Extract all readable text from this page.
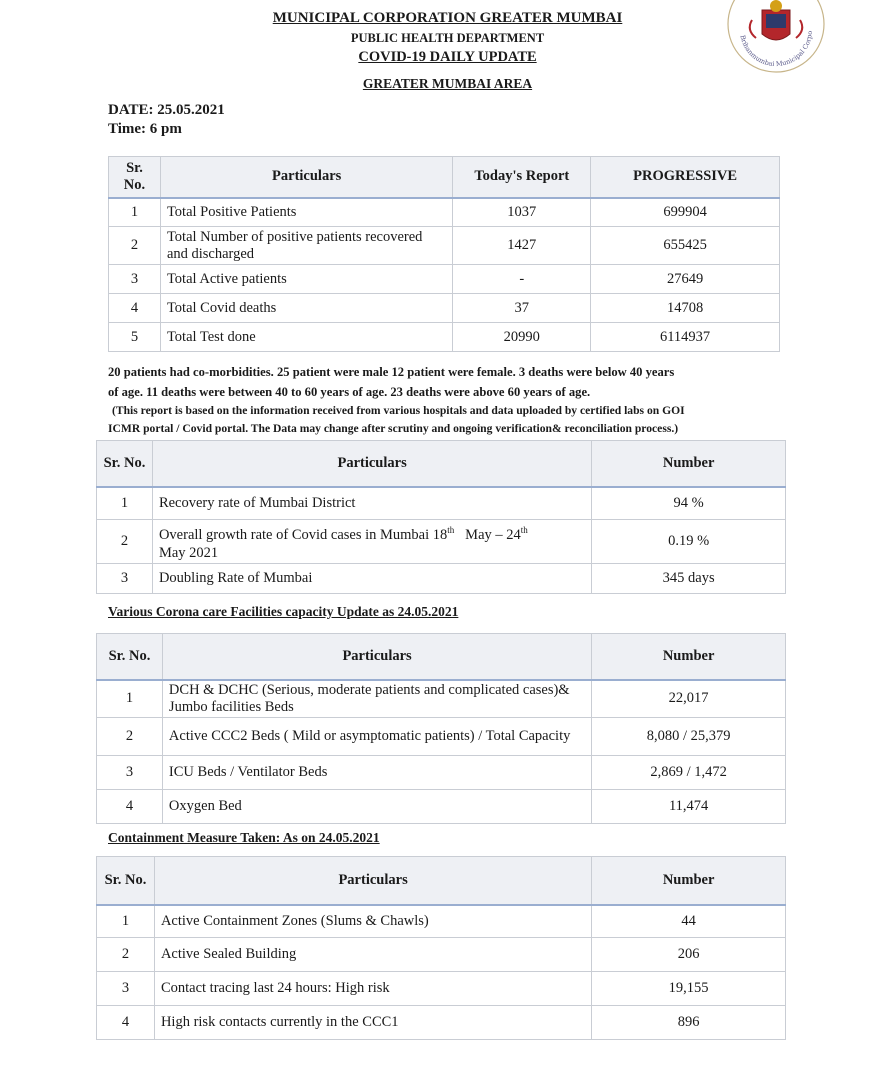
Brihanmumbai Municipal Corpo
MUNICIPAL CORPORATION GREATER MUMBAI
PUBLIC HEALTH DEPARTMENT
COVID-19 DAILY UPDATE
GREATER MUMBAI AREA
DATE: 25.05.2021
Time: 6 pm
Sr. No.	Particulars	Today's Report	PROGRESSIVE
1	Total Positive Patients	1037	699904
2	Total Number of positive patients recovered and discharged	1427	655425
3	Total Active patients	-	27649
4	Total Covid deaths	37	14708
5	Total Test done	20990	6114937
20 patients had co-morbidities. 25 patient were male 12 patient were female. 3 deaths were below 40 years
of age. 11 deaths were between 40 to 60 years of age. 23 deaths were above 60 years of age.
(This report is based on the information received from various hospitals and data uploaded by certified labs on GOI
ICMR portal / Covid portal. The Data may change after scrutiny and ongoing verification& reconciliation process.)
Sr. No.	Particulars	Number
1	Recovery rate of Mumbai District	94 %
2	Overall growth rate of Covid cases in Mumbai 18th   May – 24th
May 2021	0.19 %
3	Doubling Rate of Mumbai	345 days
Various Corona care Facilities capacity Update as 24.05.2021
Sr. No.	Particulars	Number
1	DCH & DCHC (Serious, moderate patients and complicated cases)& Jumbo facilities Beds	22,017
2	Active CCC2 Beds ( Mild or asymptomatic patients) / Total Capacity	8,080 / 25,379
3	ICU Beds / Ventilator Beds	2,869 / 1,472
4	Oxygen Bed	11,474
Containment Measure Taken: As on 24.05.2021
Sr. No.	Particulars	Number
1	Active Containment Zones (Slums & Chawls)	44
2	Active Sealed Building	206
3	Contact tracing last 24 hours: High risk	19,155
4	High risk contacts currently in the CCC1	896
